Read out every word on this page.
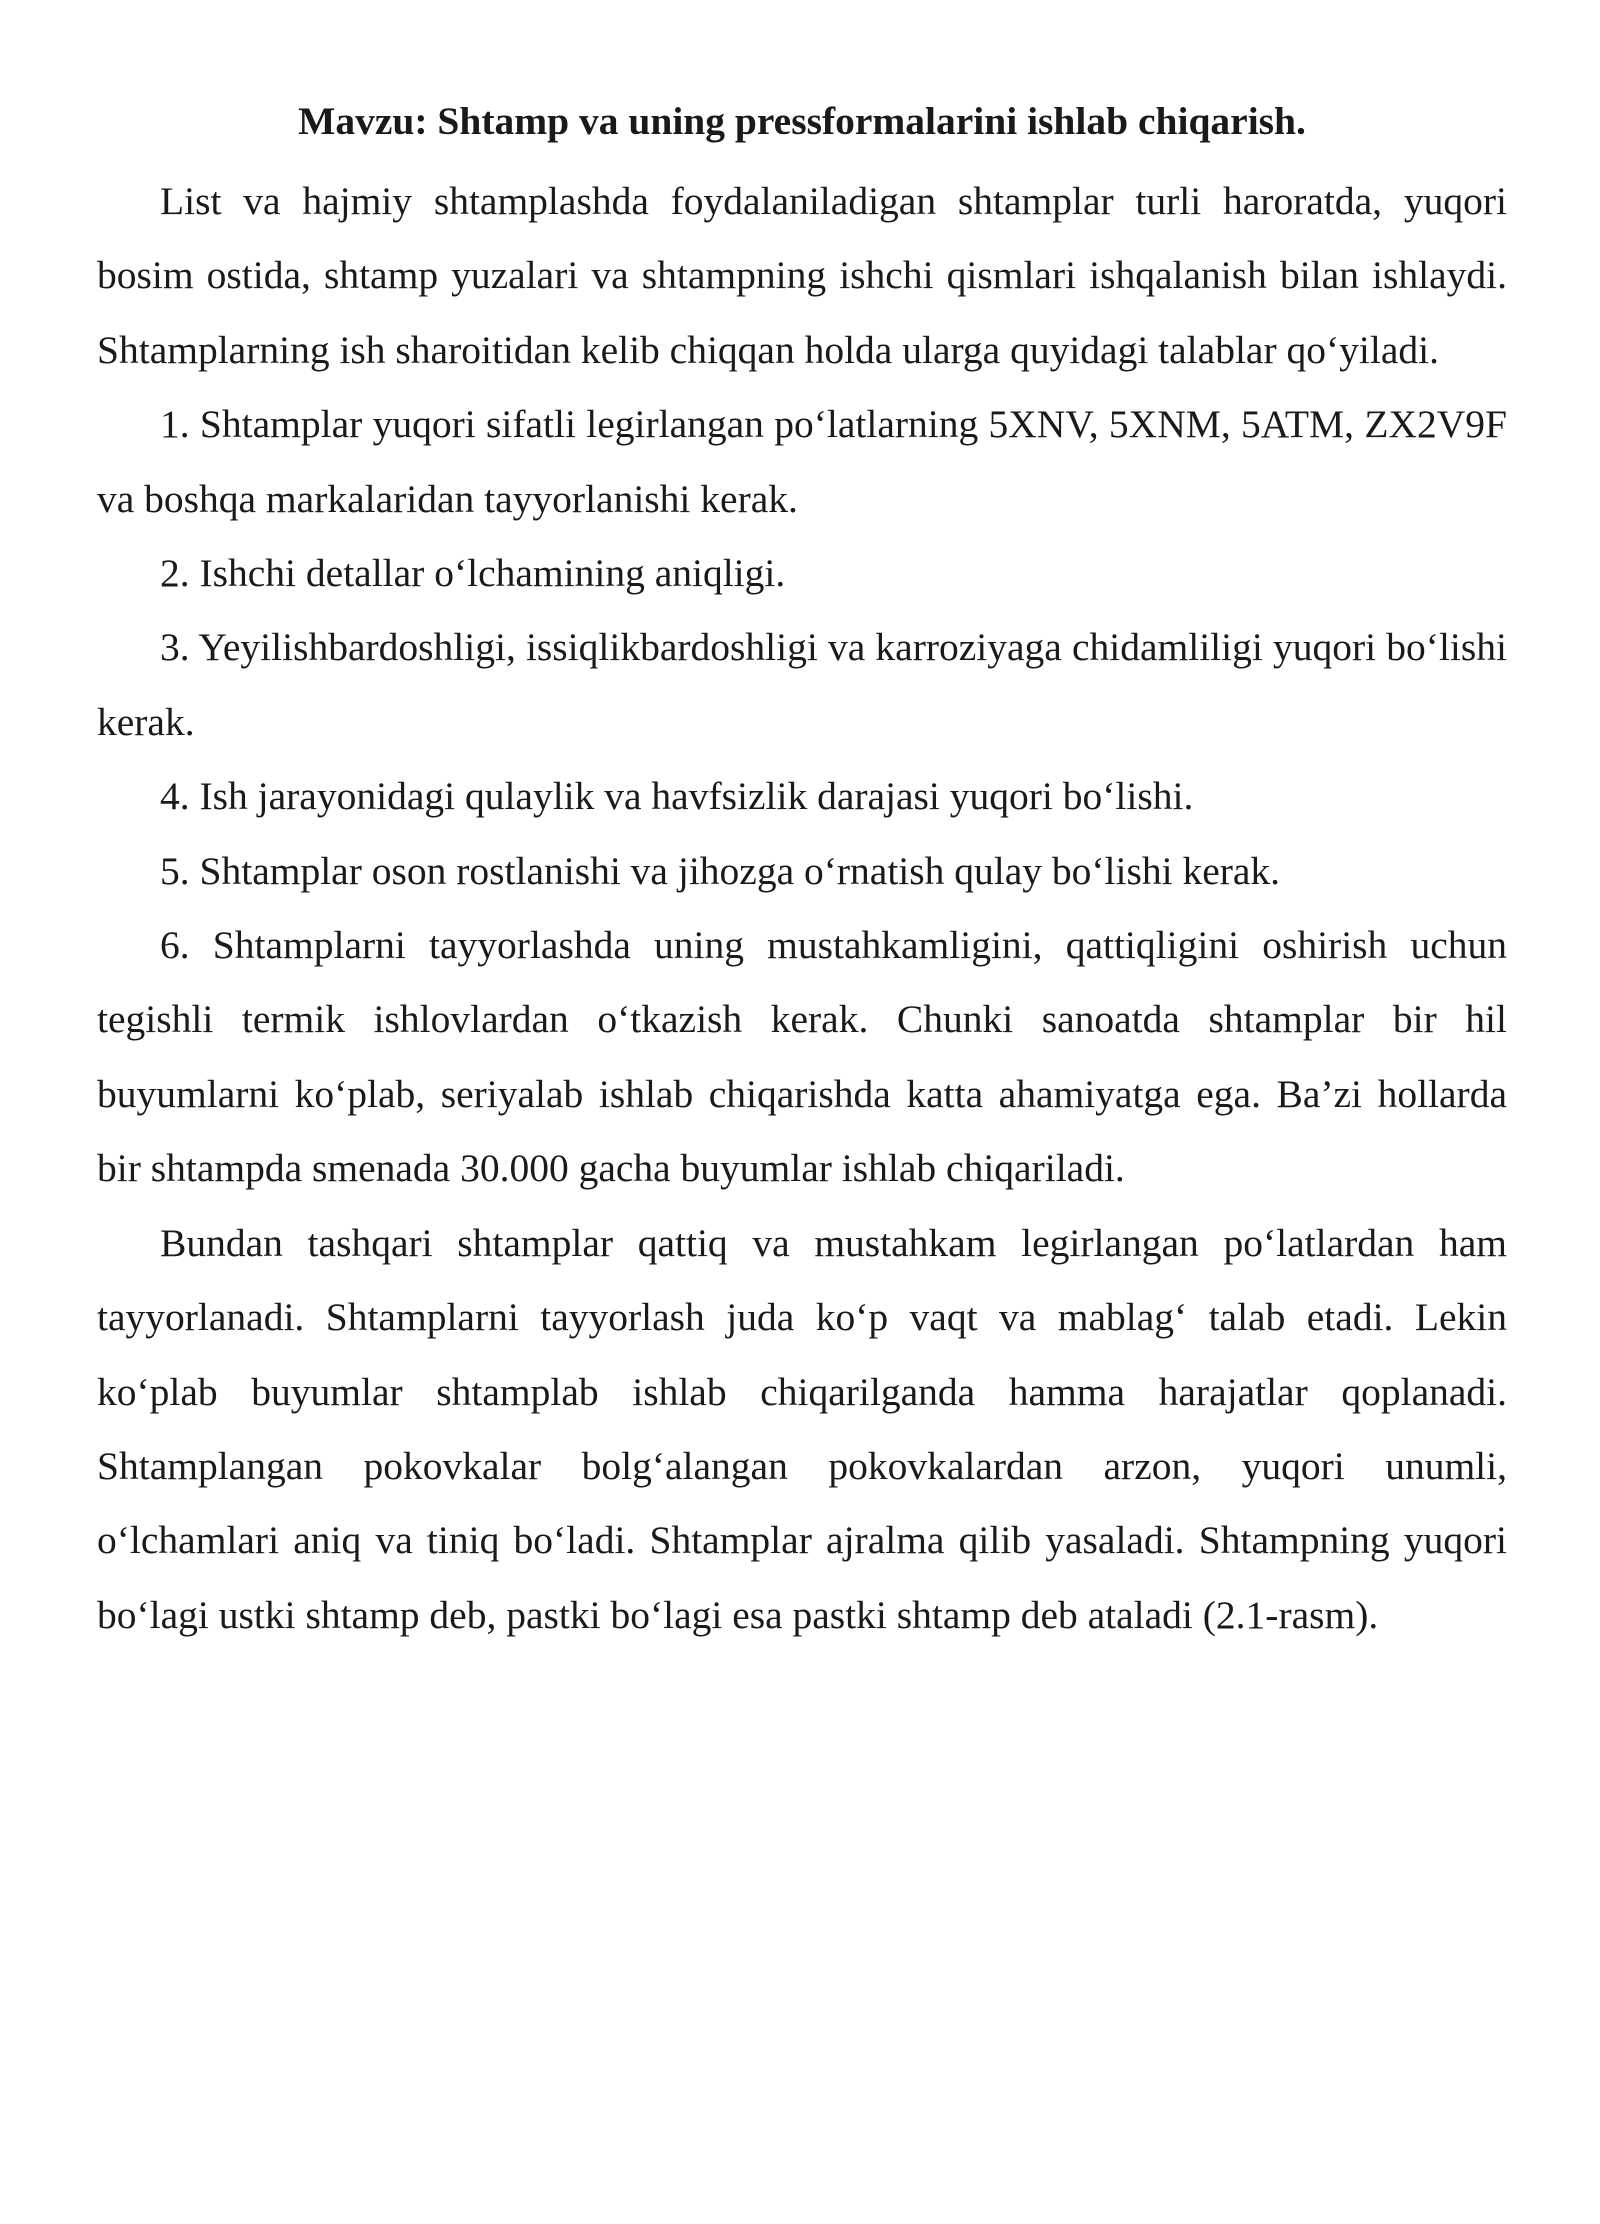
Mavzu: Shtamp va uning pressformalarini ishlab chiqarish.

List va hajmiy shtamplashda foydalaniladigan shtamplar turli haroratda, yuqori bosim ostida, shtamp yuzalari va shtampning ishchi qismlari ishqalanish bilan ishlaydi. Shtamplarning ish sharoitidan kelib chiqqan holda ularga quyidagi talablar qo‘yiladi.

1. Shtamplar yuqori sifatli legirlangan po‘latlarning 5XNV, 5XNM, 5ATM, ZX2V9F va boshqa markalaridan tayyorlanishi kerak.

2. Ishchi detallar o‘lchamining aniqligi.

3. Yeyilishbardoshligi, issiqlikbardoshligi va karroziyaga chidamliligi yuqori bo‘lishi kerak.

4. Ish jarayonidagi qulaylik va havfsizlik darajasi yuqori bo‘lishi.

5. Shtamplar oson rostlanishi va jihozga o‘rnatish qulay bo‘lishi kerak.

6. Shtamplarni tayyorlashda uning mustahkamligini, qattiqligini oshirish uchun tegishli termik ishlovlardan o‘tkazish kerak. Chunki sanoatda shtamplar bir hil buyumlarni ko‘plab, seriyalab ishlab chiqarishda katta ahamiyatga ega. Ba’zi hollarda bir shtampda smenada 30.000 gacha buyumlar ishlab chiqariladi.

Bundan tashqari shtamplar qattiq va mustahkam legirlangan po‘latlardan ham tayyorlanadi. Shtamplarni tayyorlash juda ko‘p vaqt va mablag‘ talab etadi. Lekin ko‘plab buyumlar shtamplab ishlab chiqarilganda hamma harajatlar qoplanadi. Shtamplangan pokovkalar bolg‘alangan pokovkalardan arzon, yuqori unumli, o‘lchamlari aniq va tiniq bo‘ladi. Shtamplar ajralma qilib yasaladi. Shtampning yuqori bo‘lagi ustki shtamp deb, pastki bo‘lagi esa pastki shtamp deb ataladi (2.1-rasm).
